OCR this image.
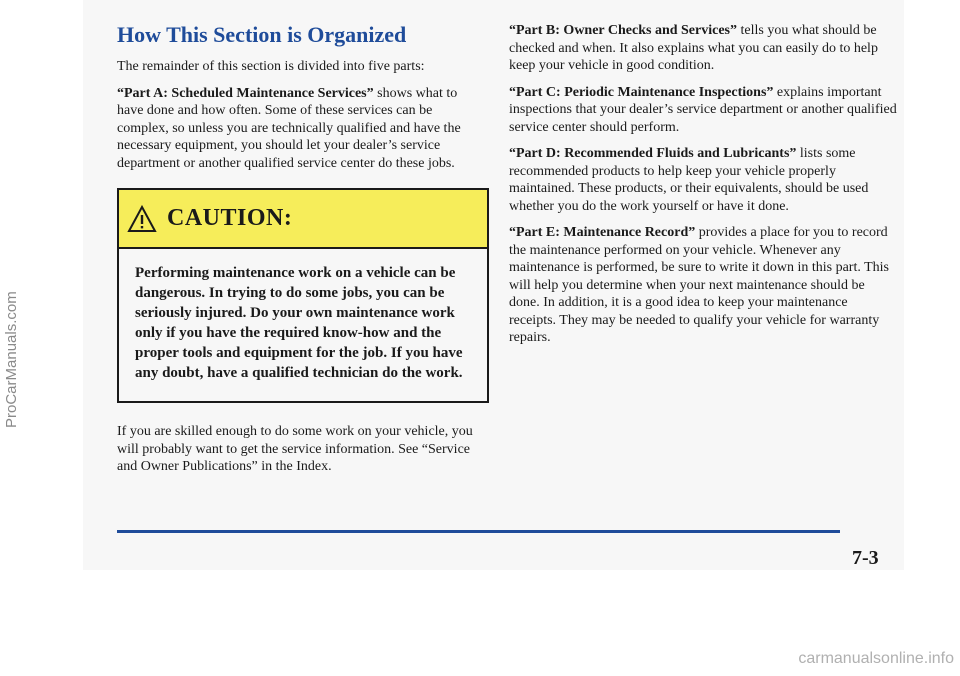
How This Section is Organized

The remainder of this section is divided into five parts:

“Part A: Scheduled Maintenance Services” shows what to have done and how often. Some of these services can be complex, so unless you are technically qualified and have the necessary equipment, you should let your dealer’s service department or another qualified service center do these jobs.

CAUTION:
Performing maintenance work on a vehicle can be dangerous. In trying to do some jobs, you can be seriously injured. Do your own maintenance work only if you have the required know-how and the proper tools and equipment for the job. If you have any doubt, have a qualified technician do the work.

If you are skilled enough to do some work on your vehicle, you will probably want to get the service information. See “Service and Owner Publications” in the Index.

“Part B: Owner Checks and Services” tells you what should be checked and when. It also explains what you can easily do to help keep your vehicle in good condition.

“Part C: Periodic Maintenance Inspections” explains important inspections that your dealer’s service department or another qualified service center should perform.

“Part D: Recommended Fluids and Lubricants” lists some recommended products to help keep your vehicle properly maintained. These products, or their equivalents, should be used whether you do the work yourself or have it done.

“Part E: Maintenance Record” provides a place for you to record the maintenance performed on your vehicle. Whenever any maintenance is performed, be sure to write it down in this part. This will help you determine when your next maintenance should be done. In addition, it is a good idea to keep your maintenance receipts. They may be needed to qualify your vehicle for warranty repairs.

7-3
ProCarManuals.com
carmanualsonline.info
